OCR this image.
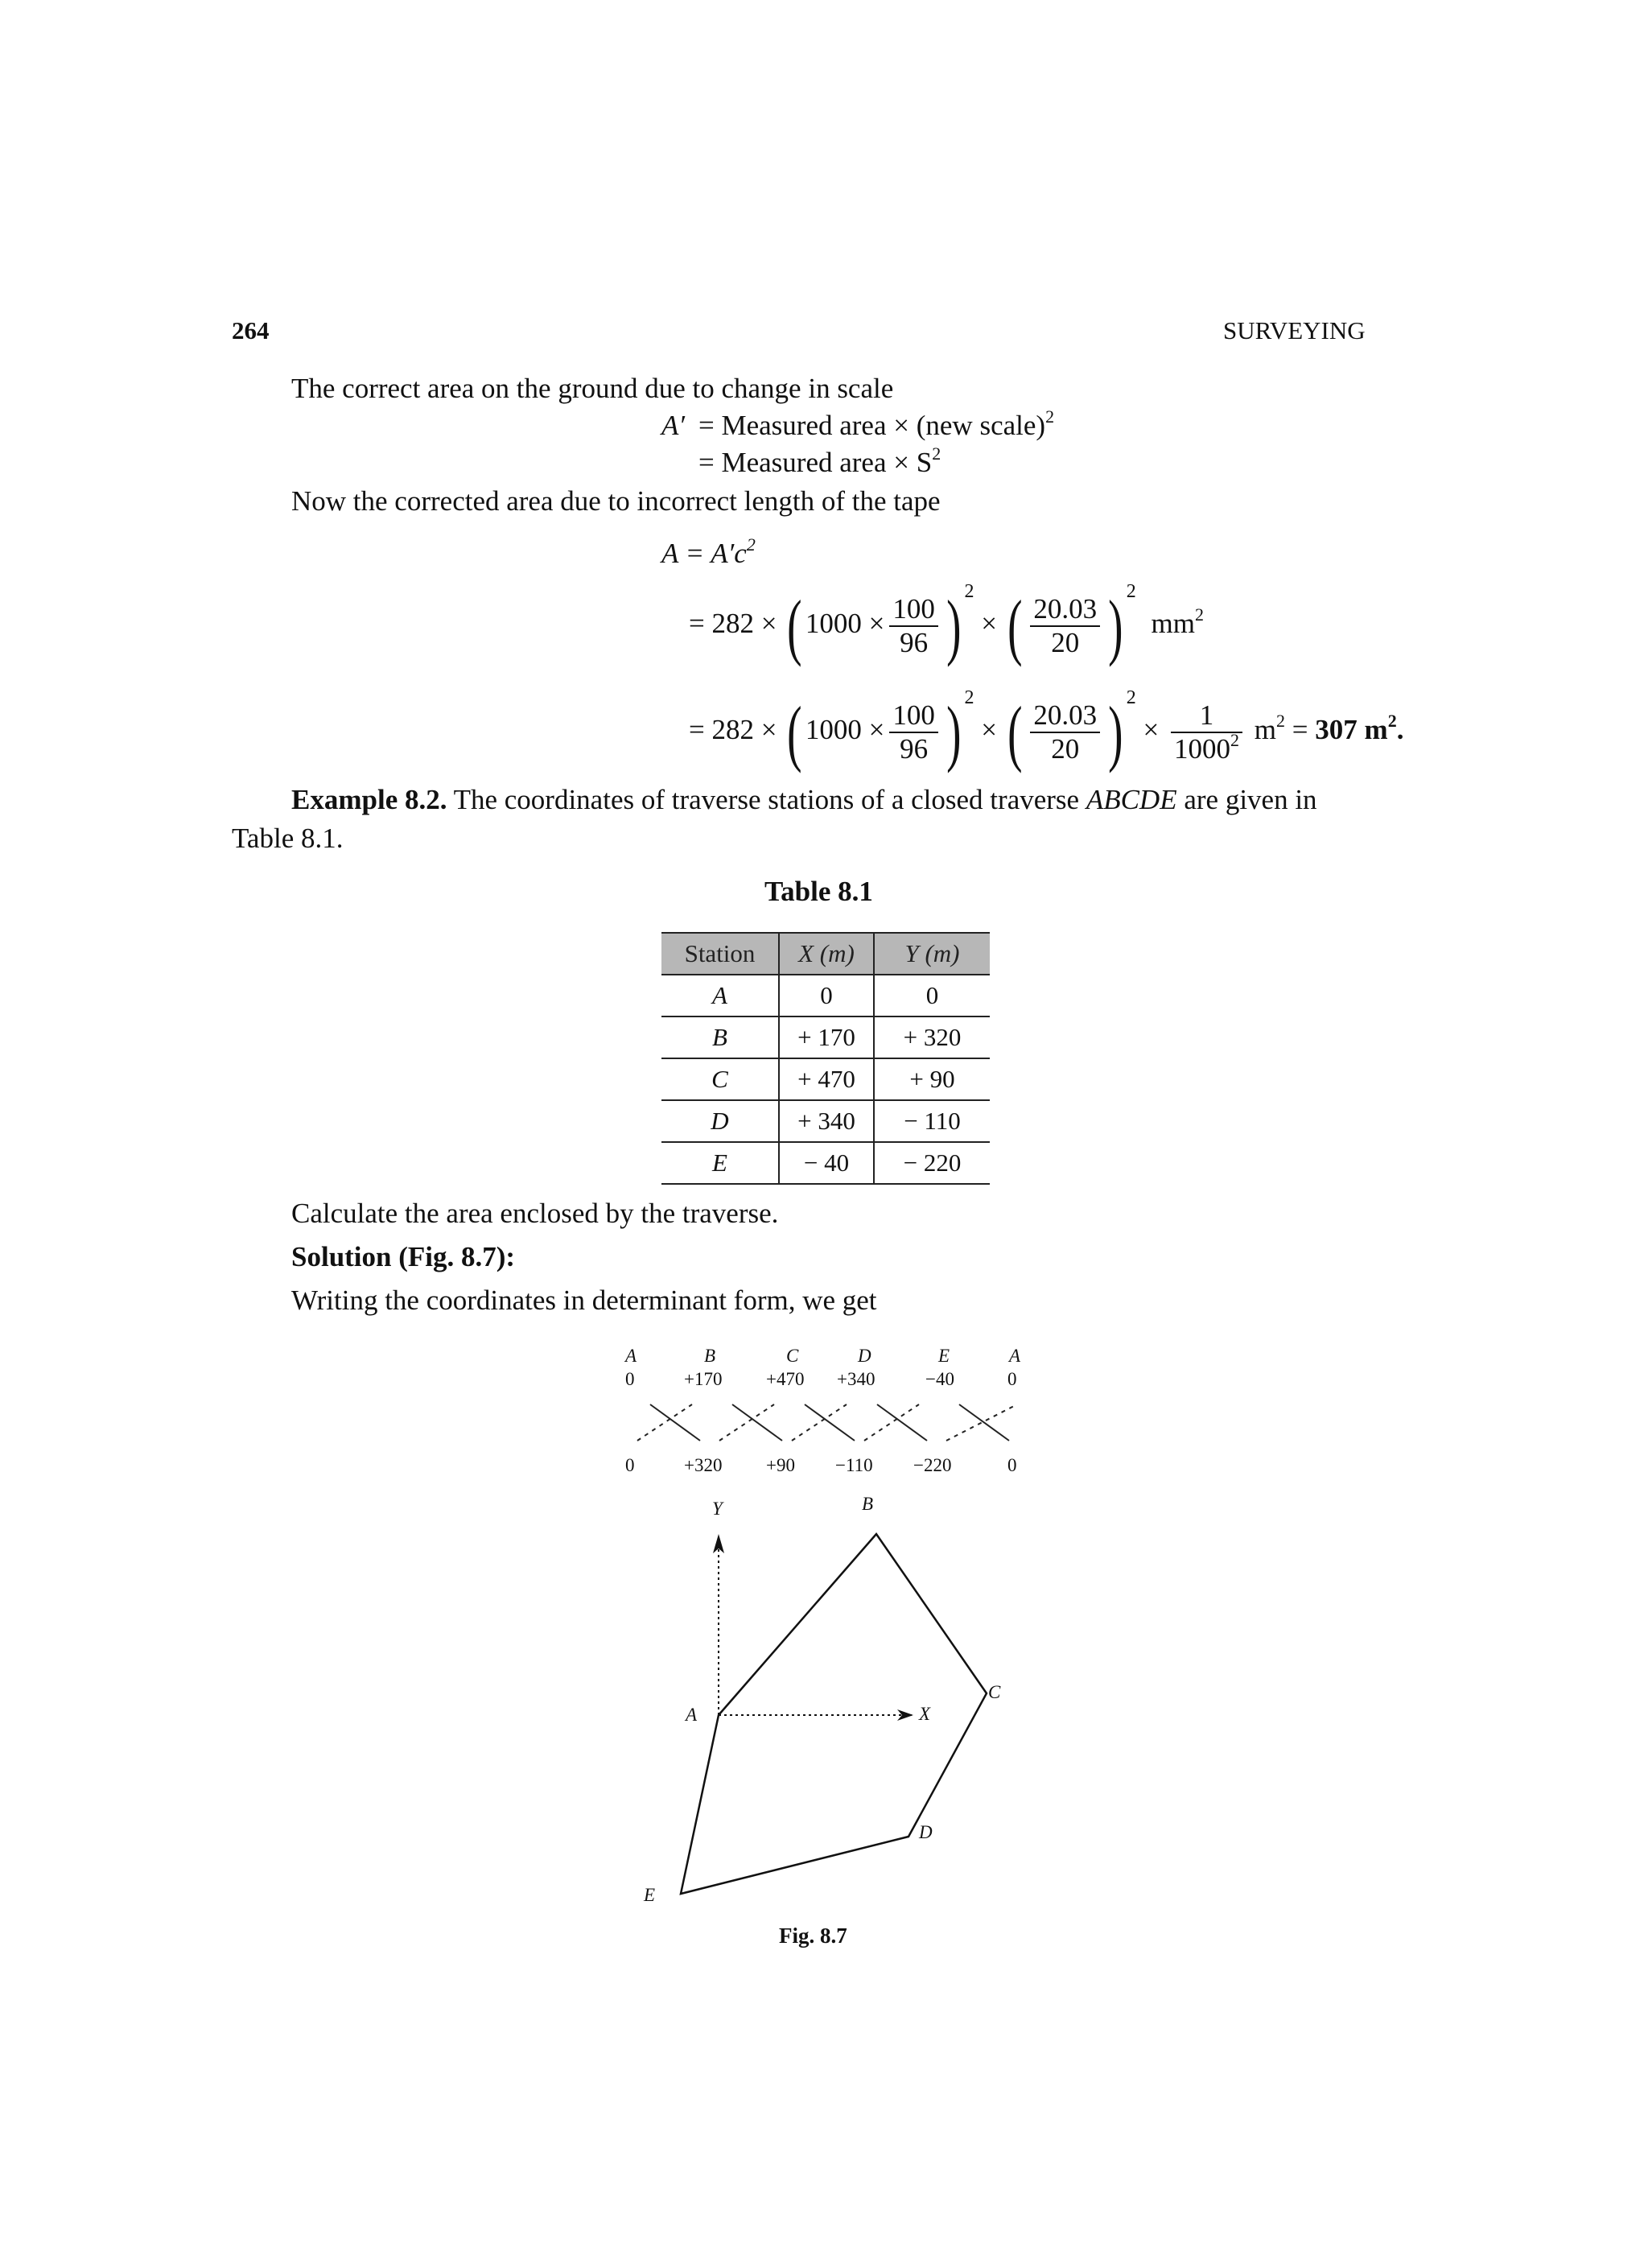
264	SURVEYING
The correct area on the ground due to change in scale
A′ = Measured area × (new scale)$^2$
= Measured area × $S^2$
Now the corrected area due to incorrect length of the tape
$A = A'c^2$
= 282 × ( $1000 \times \frac{100}{96}$ ) $^2$ × ( $\frac{20.03}{20}$ ) $^2$ $mm^2$
= 282 × ( $1000 \times \frac{100}{96}$ ) $^2$ × ( $\frac{20.03}{20}$ ) $^2 \times \frac{1}{1000^2} m^2 = 307$ $m^2$.
Example 8.2. The coordinates of traverse stations of a closed traverse ABCDE are given in
Table 8.1.
Table 8.1
Station	X (m)	Y (m)
A	0	0
B	+ 170	+ 320
C	+ 470	+ 90
D	+ 340	− 110
E	− 40	− 220
Calculate the area enclosed by the traverse.
Solution (Fig. 8.7):
Writing the coordinates in determinant form, we get
A	B	C	D	E	A
0	+170 +470 +340	−40	0
0	+320 +90 −110 −220	0
Y	B
C
A	X
D
E
Fig. 8.7
